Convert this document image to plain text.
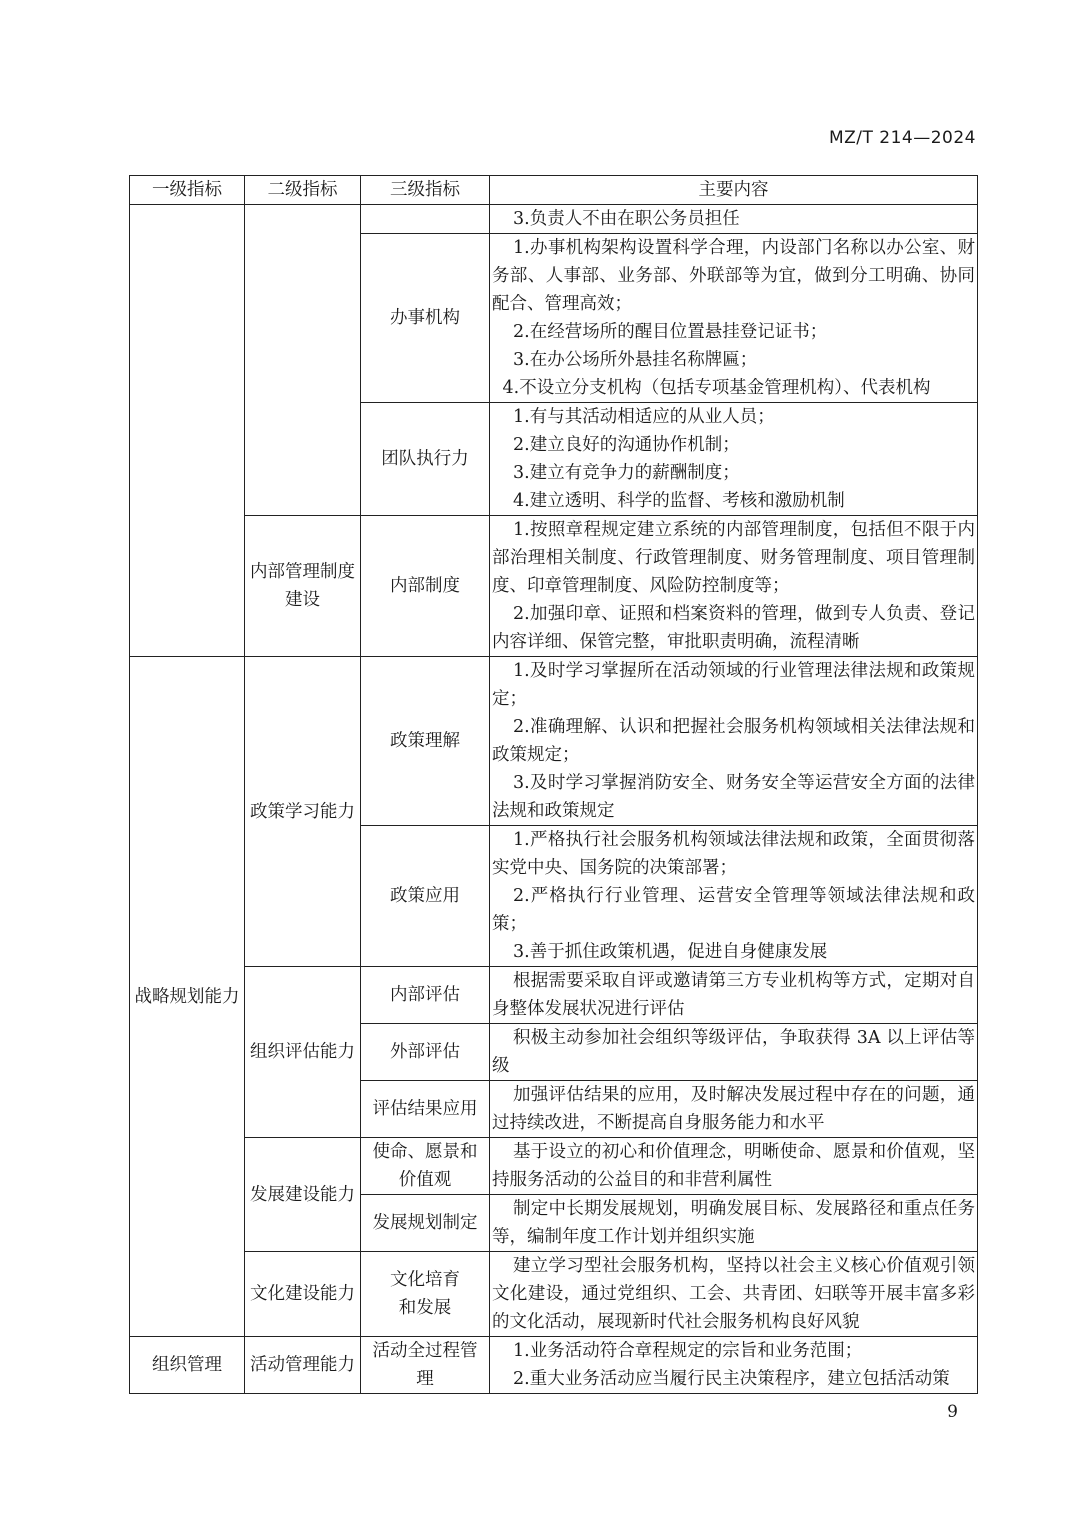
MZ/T 214—2024
一级指标	二级指标	三级指标	主要内容

			3.负责人不由在职公务员担任

		办事机构	1.办事机构架构设置科学合理，内设部门名称以办公室、财务部、人事部、业务部、外联部等为宜，做到分工明确、协同配合、管理高效；
2.在经营场所的醒目位置悬挂登记证书；
3.在办公场所外悬挂名称牌匾；
4.不设立分支机构（包括专项基金管理机构）、代表机构

		团队执行力	1.有与其活动相适应的从业人员；
2.建立良好的沟通协作机制；
3.建立有竞争力的薪酬制度；
4.建立透明、科学的监督、考核和激励机制

	内部管理制度建设	内部制度	1.按照章程规定建立系统的内部管理制度，包括但不限于内部治理相关制度、行政管理制度、财务管理制度、项目管理制度、印章管理制度、风险防控制度等；
2.加强印章、证照和档案资料的管理，做到专人负责、登记内容详细、保管完整，审批职责明确，流程清晰

战略规划能力	政策学习能力	政策理解	1.及时学习掌握所在活动领域的行业管理法律法规和政策规定；
2.准确理解、认识和把握社会服务机构领域相关法律法规和政策规定；
3.及时学习掌握消防安全、财务安全等运营安全方面的法律法规和政策规定

		政策应用	1.严格执行社会服务机构领域法律法规和政策，全面贯彻落实党中央、国务院的决策部署；
2.严格执行行业管理、运营安全管理等领域法律法规和政策；
3.善于抓住政策机遇，促进自身健康发展

	组织评估能力	内部评估	根据需要采取自评或邀请第三方专业机构等方式，定期对自身整体发展状况进行评估

		外部评估	积极主动参加社会组织等级评估，争取获得 3A 以上评估等级

		评估结果应用	加强评估结果的应用，及时解决发展过程中存在的问题，通过持续改进，不断提高自身服务能力和水平

	发展建设能力	使命、愿景和价值观	基于设立的初心和价值理念，明晰使命、愿景和价值观，坚持服务活动的公益目的和非营利属性

		发展规划制定	制定中长期发展规划，明确发展目标、发展路径和重点任务等，编制年度工作计划并组织实施

	文化建设能力	文化培育和发展	建立学习型社会服务机构，坚持以社会主义核心价值观引领文化建设，通过党组织、工会、共青团、妇联等开展丰富多彩的文化活动，展现新时代社会服务机构良好风貌

组织管理	活动管理能力	活动全过程管理	1.业务活动符合章程规定的宗旨和业务范围；
2.重大业务活动应当履行民主决策程序，建立包括活动策
9
